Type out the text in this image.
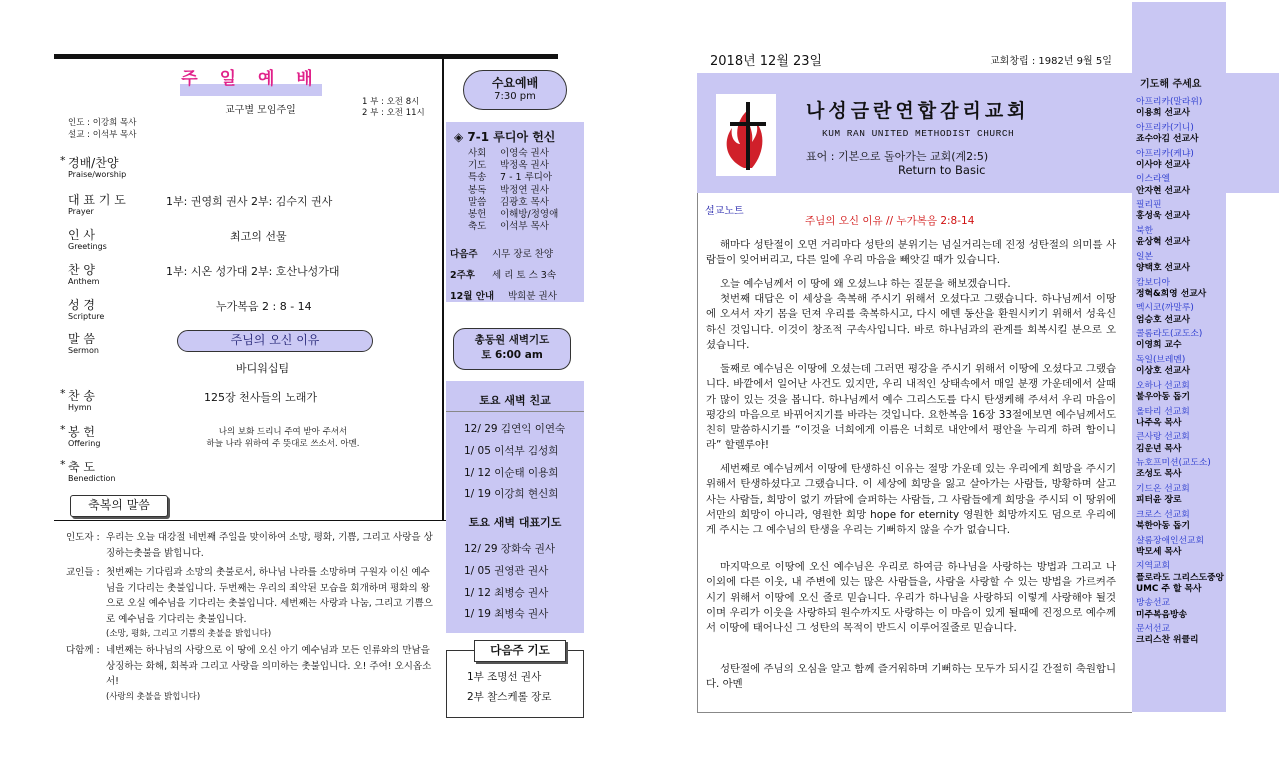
주 일 예 배
교구별 모임주일
1 부 : 오전 8시
2 부 : 오전 11시
인도 : 이강희 목사
설교 : 이석부 목사
* 경배/찬양
Praise/worship
대 표 기 도
Prayer
1부: 권영희 권사 2부: 김수지 권사
인 사
Greetings
최고의 선물
찬 양
Anthem
1부: 시온 성가대 2부: 호산나성가대
성 경
Scripture
누가복음 2 : 8 - 14
말 씀
Sermon
주님의 오신 이유
바디워십팀
* 찬 송
Hymn
125장 천사들의 노래가
* 봉 헌
Offering
나의 보화 드리니 주여 받아 주셔서
하늘 나라 위하여 주 뜻대로 쓰소서. 아멘.
* 축 도
Benediction
축복의 말씀
인도자 : 우리는 오늘 대강절 네번째 주일을 맞이하여 소망, 평화, 기쁨, 그리고 사랑을 상징하는촛불을 밝힙니다.
교인들 : 첫번째는 기다림과 소망의 촛불로서, 하나님 나라를 소망하며 구원자 이신 예수님을 기다리는 촛불입니다. 두번째는 우리의 죄악된 모습을 회개하며 평화의 왕으로 오실 예수님을 기다리는 촛불입니다. 세번째는 사랑과 나눔, 그리고 기쁨으로 예수님을 기다리는 촛불입니다.
(소망, 평화, 그리고 기쁨의 촛불을 밝힙니다)
다함께 : 네번째는 하나님의 사랑으로 이 땅에 오신 아기 예수님과 모든 인류와의 만남을 상징하는 화해, 회복과 그리고 사랑을 의미하는 촛불입니다. 오! 주여! 오시옵소서!
(사랑의 촛불을 밝힙니다)
수요예배
7:30 pm
◈ 7-1 루디아 헌신
사회 이영숙 권사
기도 박정옥 권사
특송 7 - 1 루디아
봉독 박정연 권사
말씀 김광호 목사
봉헌 이해방/정영애
축도 이석부 목사
다음주 시무 장로 찬양
2주후 세 리 토 스 3속
12월 안내 박희분 권사
총동원 새벽기도
토 6:00 am
토요 새벽 친교
12/ 29 김연익 이연숙
1/ 05 이석부 김성희
1/ 12 이순태 이용희
1/ 19 이강희 현신희
토요 새벽 대표기도
12/ 29 장화숙 권사
1/ 05 권영관 권사
1/ 12 최병승 권사
1/ 19 최병숙 권사
1부 조명선 권사
2부 찰스케롤 장로
다음주 기도
2018년 12월 23일	교회창립 : 1982년 9월 5일
나성금란연합감리교회
KUM RAN UNITED METHODIST CHURCH
표어 : 기본으로 돌아가는 교회(계2:5)
Return to Basic
설교노트
주님의 오신 이유 // 누가복음 2:8-14
해마다 성탄절이 오면 거리마다 성탄의 분위기는 넘실거리는데 진정 성탄절의 의미를 사람들이 잊어버리고, 다른 일에 우리 마음을 빼앗길 때가 있습니다.
오늘 예수님께서 이 땅에 왜 오셨느냐 하는 질문을 해보겠습니다.
첫번째 대답은 이 세상을 축복해 주시기 위해서 오셨다고 그랬습니다. 하나님께서 이땅에 오셔서 자기 몸을 던져 우리를 축복하시고, 다시 에덴 동산을 환원시키기 위해서 성육신하신 것입니다. 이것이 창조적 구속사입니다. 바로 하나님과의 관계를 회복시킬 분으로 오셨습니다.
둘째로 예수님은 이땅에 오셨는데 그러면 평강을 주시기 위해서 이땅에 오셨다고 그랬습니다. 바깥에서 일어난 사건도 있지만, 우리 내적인 상태속에서 매일 분쟁 가운데에서 살때가 많이 있는 것을 봅니다. 하나님께서 예수 그리스도를 다시 탄생케해 주셔서 우리 마음이 평강의 마음으로 바뀌어지기를 바라는 것입니다. 요한복음 16장 33절에보면 예수님께서도 친히 말씀하시기를 “이것을 너희에게 이름은 너희로 내안에서 평안을 누리게 하려 함이니라” 할렐루야!
세번째로 예수님께서 이땅에 탄생하신 이유는 절망 가운데 있는 우리에게 희망을 주시기위해서 탄생하셨다고 그랬습니다. 이 세상에 희망을 잃고 살아가는 사람들, 방황하며 살고 사는 사람들, 희망이 없기 까닭에 슬퍼하는 사람들, 그 사람들에게 희망을 주시되 이 땅위에서만의 희망이 아니라, 영원한 희망 hope for eternity 영원한 희망까지도 덤으로 우리에게 주시는 그 예수님의 탄생을 우리는 기뻐하지 않을 수가 없습니다.
마지막으로 이땅에 오신 예수님은 우리로 하여금 하나님을 사랑하는 방법과 그리고 나 이외에 다른 이웃, 내 주변에 있는 많은 사람들을, 사람을 사랑할 수 있는 방법을 가르켜주시기 위해서 이땅에 오신 줄로 믿습니다. 우리가 하나님을 사랑하되 이렇게 사랑해야 될것이며 우리가 이웃을 사랑하되 원수까지도 사랑하는 이 마음이 있게 될때에 진정으로 예수께서 이땅에 태어나신 그 성탄의 목적이 반드시 이루어질줄로 믿습니다.
성탄절에 주님의 오심을 알고 함께 즐거워하며 기뻐하는 모두가 되시길 간절히 축원합니다. 아멘
기도해 주세요
아프리카(말라위)
이용희 선교사
아프리카(기니)
죠수아김 선교사
아프리카(케냐)
이사야 선교사
이스라엘
안자현 선교사
필리핀
홍성욱 선교사
북한
윤상혁 선교사
일본
양택호 선교사
캄보디아
정혁&희영 선교사
멕시코(까말루)
엄승호 선교사
콜롬라도(교도소)
이영희 교수
독일(브레멘)
이상호 선교사
오하나 선교회
불우아동 돕기
올타리 선교회
나주옥 목사
큰사랑 선교회
김운년 목사
뉴호프미션(교도소)
조성도 목사
기드온 선교회
피터윤 장로
크로스 선교회
북한아동 돕기
샬롬장애인선교회
박모세 목사
지역교회
플로라도 그리스도중앙 UMC 주 할 목사
방송선교
미주복음방송
문서선교
크리스찬 위클리
